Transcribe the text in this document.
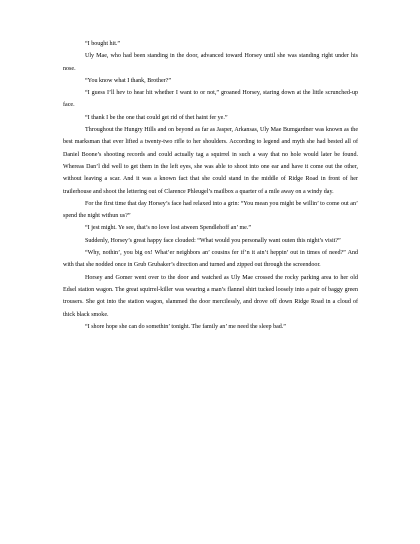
“I bought hit.”

Uly Mae, who had been standing in the door, advanced toward Horsey until she was standing right under his nose.

“You know what I thank, Brother?”

“I guess I’ll hev to hear hit whether I want to or not,” groaned Horsey, staring down at the little scrunched-up face.

“I thank I be the one that could get rid of thet haint fer ye.”

Throughout the Hungry Hills and on beyond as far as Jasper, Arkansas, Uly Mae Bumgardner was known as the best marksman that ever lifted a twenty-two rifle to her shoulders. According to legend and myth she had bested all of Daniel Boone’s shooting records and could actually tag a squirrel in such a way that no hole would later be found. Whereas Dan’l did well to get them in the left eyes, she was able to shoot into one ear and have it come out the other, without leaving a scar. And it was a known fact that she could stand in the middle of Ridge Road in front of her trailerhouse and shoot the lettering out of Clarence Phleugel’s mailbox a quarter of a mile away on a windy day.

For the first time that day Horsey’s face had relaxed into a grin: “You mean you might be willin’ to come out an’ spend the night withun us?”

“I jest might. Ye see, that’s no love lost atween Spendlehoff an’ me.”

Suddenly, Horsey’s great happy face clouded: “What would you personally want outen this night’s visit?”

“Why, nothin’, you big ox! What’er neighbors an’ cousins fer if’n it ain’t heppin’ out in times of need?” And with that she nodded once in Grub Grubaker’s direction and turned and zipped out through the screendoor.

Horsey and Gomer went over to the door and watched as Uly Mae crossed the rocky parking area to her old Edsel station wagon. The great squirrel-killer was wearing a man’s flannel shirt tucked loosely into a pair of baggy green trousers. She got into the station wagon, slammed the door mercilessly, and drove off down Ridge Road in a cloud of thick black smoke.

“I shore hope she can do somethin’ tonight. The family an’ me need the sleep bad.”
